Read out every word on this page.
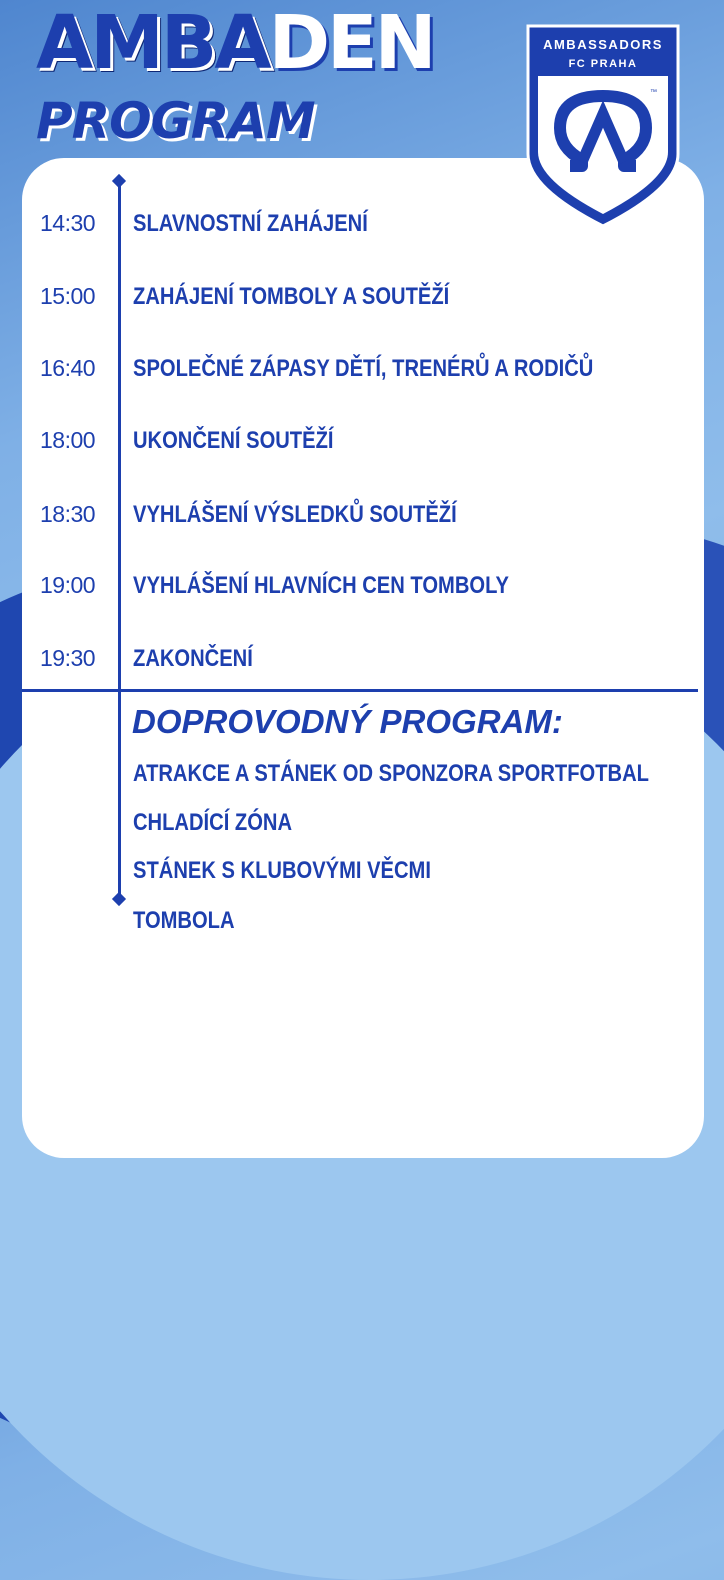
AMBADEN
PROGRAM
AMBASSADORS
FC PRAHA
™
14:30	SLAVNOSTNÍ ZAHÁJENÍ
15:00	ZAHÁJENÍ TOMBOLY A SOUTĚŽÍ
16:40	SPOLEČNÉ ZÁPASY DĚTÍ, TRENÉRŮ A RODIČŮ
18:00	UKONČENÍ SOUTĚŽÍ
18:30	VYHLÁŠENÍ VÝSLEDKŮ SOUTĚŽÍ
19:00	VYHLÁŠENÍ HLAVNÍCH CEN TOMBOLY
19:30	ZAKONČENÍ
DOPROVODNÝ PROGRAM:
ATRAKCE A STÁNEK OD SPONZORA SPORTFOTBAL
CHLADÍCÍ ZÓNA
STÁNEK S KLUBOVÝMI VĚCMI
TOMBOLA
